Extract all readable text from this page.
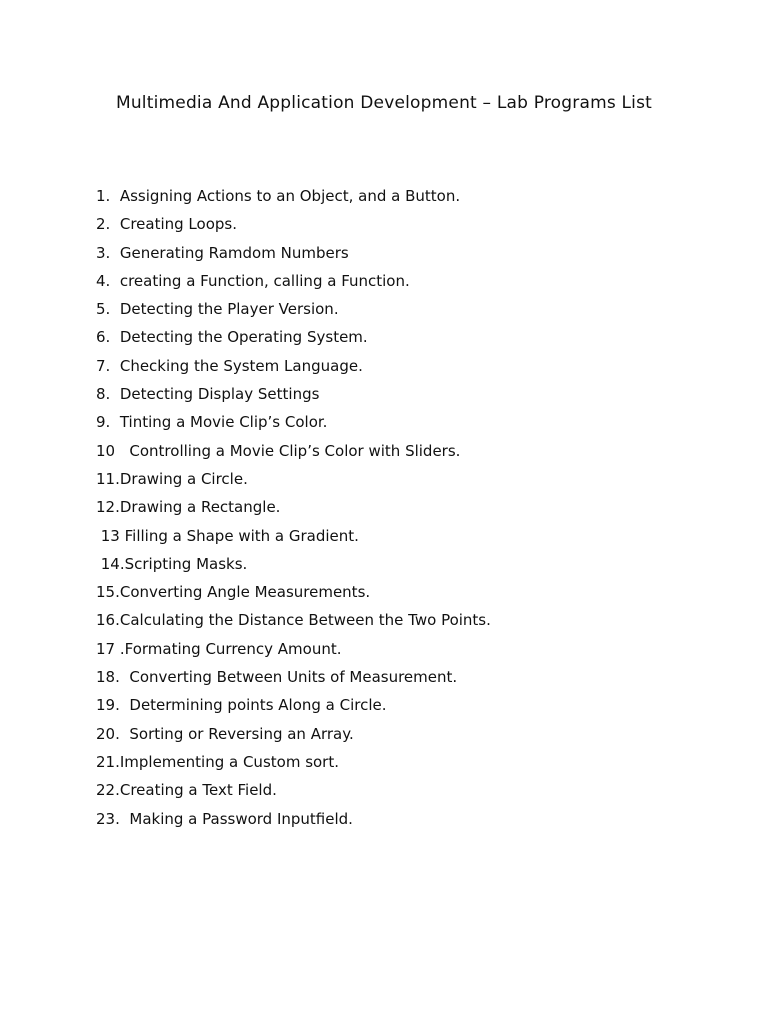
Multimedia And Application Development – Lab Programs List
1.  Assigning Actions to an Object, and a Button.
2.  Creating Loops.
3.  Generating Ramdom Numbers
4.  creating a Function, calling a Function.
5.  Detecting the Player Version.
6.  Detecting the Operating System.
7.  Checking the System Language.
8.  Detecting Display Settings
9.  Tinting a Movie Clip’s Color.
10   Controlling a Movie Clip’s Color with Sliders.
11.Drawing a Circle.
12.Drawing a Rectangle.
13 Filling a Shape with a Gradient.
14.Scripting Masks.
15.Converting Angle Measurements.
16.Calculating the Distance Between the Two Points.
17 .Formating Currency Amount.
18.  Converting Between Units of Measurement.
19.  Determining points Along a Circle.
20.  Sorting or Reversing an Array.
21.Implementing a Custom sort.
22.Creating a Text Field.
23.  Making a Password Inputfield.
